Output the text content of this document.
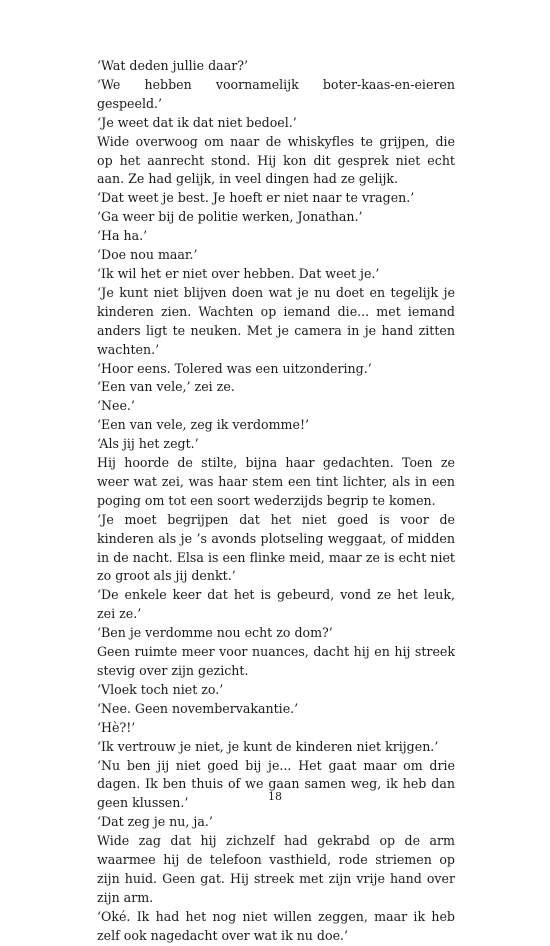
‘Wat deden jullie daar?’

‘We hebben voornamelijk boter-kaas-en-eieren gespeeld.’

‘Je weet dat ik dat niet bedoel.’

Wide overwoog om naar de whiskyfles te grijpen, die op het aanrecht stond. Hij kon dit gesprek niet echt aan. Ze had gelijk, in veel dingen had ze gelijk.

‘Dat weet je best. Je hoeft er niet naar te vragen.’

‘Ga weer bij de politie werken, Jonathan.’

‘Ha ha.’

‘Doe nou maar.’

‘Ik wil het er niet over hebben. Dat weet je.’

‘Je kunt niet blijven doen wat je nu doet en tegelijk je kinderen zien. Wachten op iemand die... met iemand anders ligt te neuken. Met je camera in je hand zitten wachten.’

‘Hoor eens. Tolered was een uitzondering.’

‘Een van vele,’ zei ze.

‘Nee.’

‘Een van vele, zeg ik verdomme!’

‘Als jij het zegt.’

Hij hoorde de stilte, bijna haar gedachten. Toen ze weer wat zei, was haar stem een tint lichter, als in een poging om tot een soort wederzijds begrip te komen.

‘Je moet begrijpen dat het niet goed is voor de kinderen als je ’s avonds plotseling weggaat, of midden in de nacht. Elsa is een flinke meid, maar ze is echt niet zo groot als jij denkt.’

‘De enkele keer dat het is gebeurd, vond ze het leuk, zei ze.’

‘Ben je verdomme nou echt zo dom?’

Geen ruimte meer voor nuances, dacht hij en hij streek stevig over zijn gezicht.

‘Vloek toch niet zo.’

‘Nee. Geen novembervakantie.’

‘Hè?!’

‘Ik vertrouw je niet, je kunt de kinderen niet krijgen.’

‘Nu ben jij niet goed bij je... Het gaat maar om drie dagen. Ik ben thuis of we gaan samen weg, ik heb dan geen klussen.’

‘Dat zeg je nu, ja.’

Wide zag dat hij zichzelf had gekrabd op de arm waarmee hij de telefoon vasthield, rode striemen op zijn huid. Geen gat. Hij streek met zijn vrije hand over zijn arm.

‘Oké. Ik had het nog niet willen zeggen, maar ik heb zelf ook nagedacht over wat ik nu doe.’

18
